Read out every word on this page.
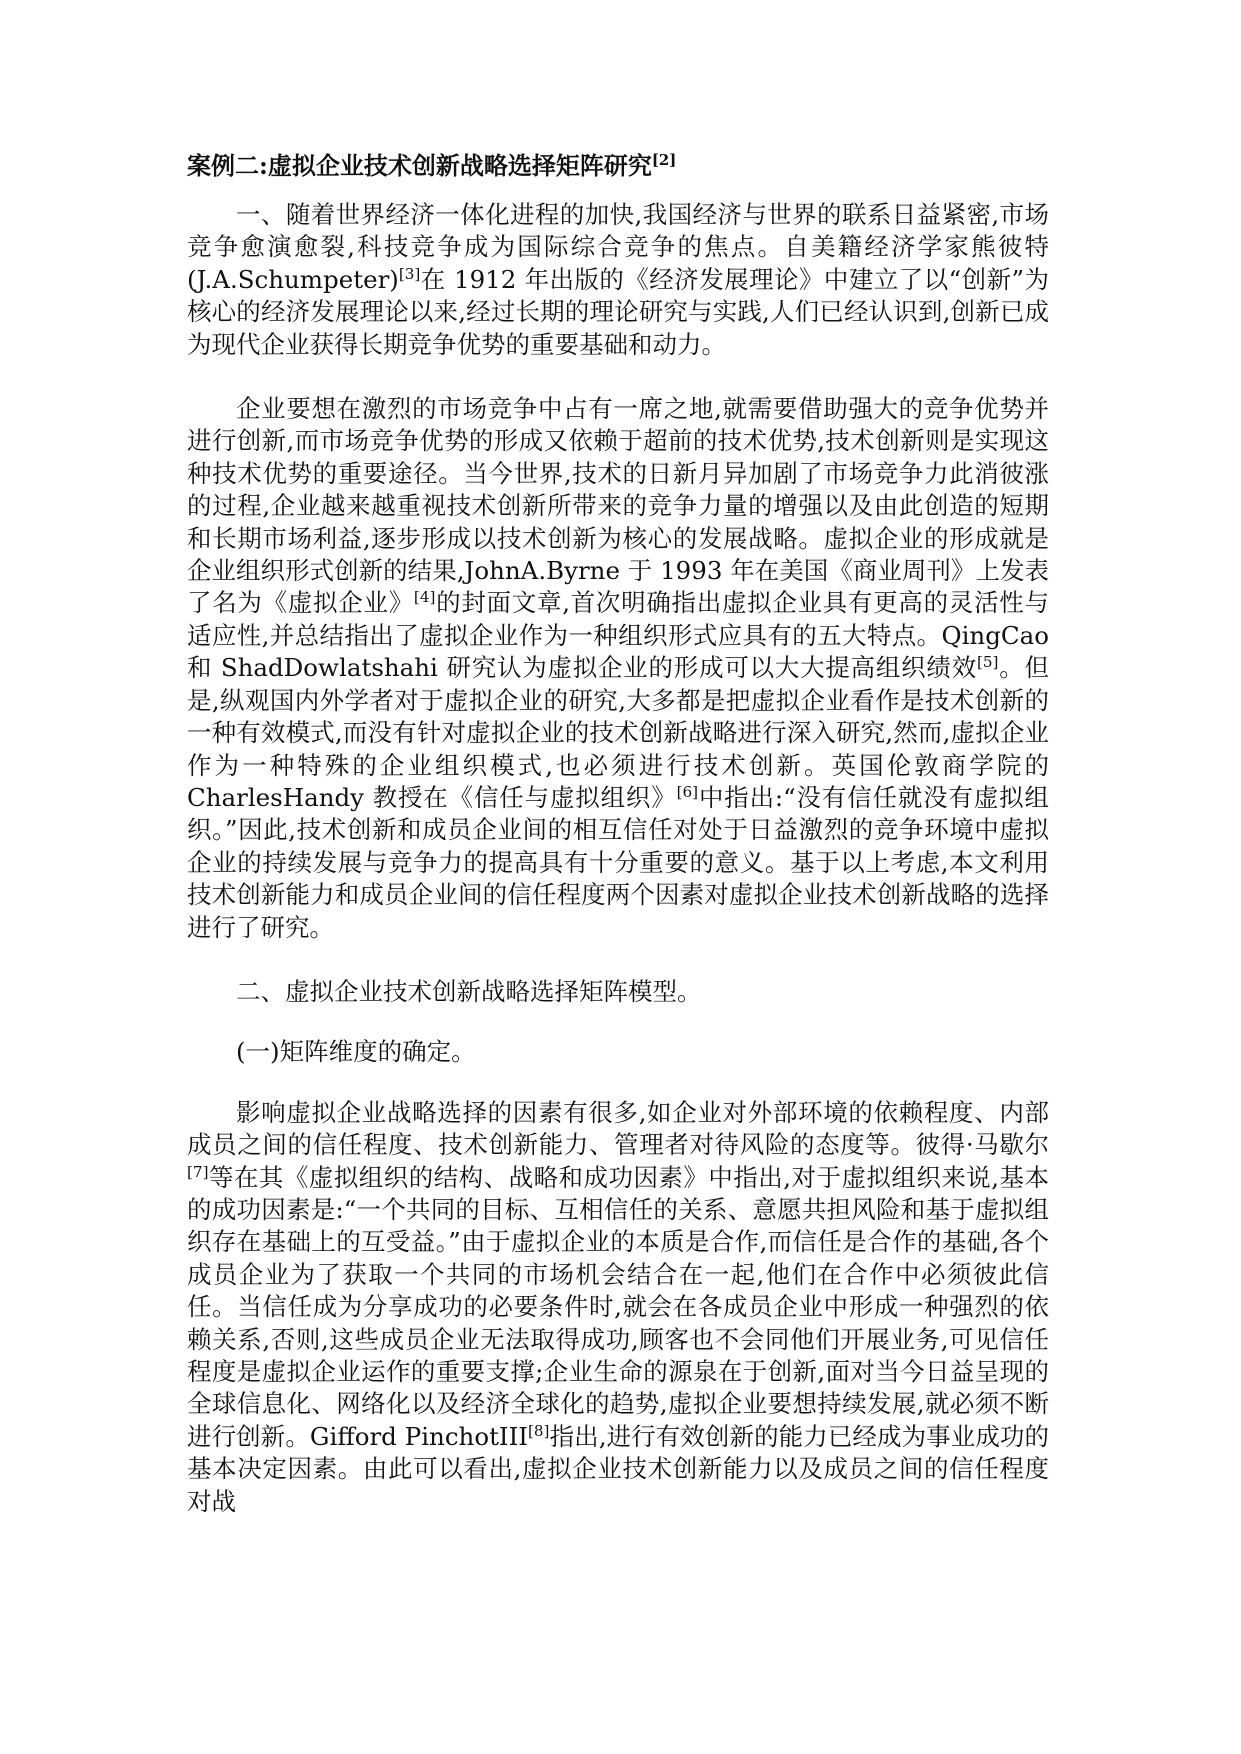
案例二:虚拟企业技术创新战略选择矩阵研究[2]
一、随着世界经济一体化进程的加快,我国经济与世界的联系日益紧密,市场竞争愈演愈裂,科技竞争成为国际综合竞争的焦点。自美籍经济学家熊彼特(J.A.Schumpeter)[3]在 1912 年出版的《经济发展理论》中建立了以“创新”为核心的经济发展理论以来,经过长期的理论研究与实践,人们已经认识到,创新已成为现代企业获得长期竞争优势的重要基础和动力。
企业要想在激烈的市场竞争中占有一席之地,就需要借助强大的竞争优势并进行创新,而市场竞争优势的形成又依赖于超前的技术优势,技术创新则是实现这种技术优势的重要途径。当今世界,技术的日新月异加剧了市场竞争力此消彼涨的过程,企业越来越重视技术创新所带来的竞争力量的增强以及由此创造的短期和长期市场利益,逐步形成以技术创新为核心的发展战略。虚拟企业的形成就是企业组织形式创新的结果,JohnA.Byrne 于 1993 年在美国《商业周刊》上发表了名为《虚拟企业》[4]的封面文章,首次明确指出虚拟企业具有更高的灵活性与适应性,并总结指出了虚拟企业作为一种组织形式应具有的五大特点。QingCao 和 ShadDowlatshahi 研究认为虚拟企业的形成可以大大提高组织绩效[5]。但是,纵观国内外学者对于虚拟企业的研究,大多都是把虚拟企业看作是技术创新的一种有效模式,而没有针对虚拟企业的技术创新战略进行深入研究,然而,虚拟企业作为一种特殊的企业组织模式,也必须进行技术创新。英国伦敦商学院的 CharlesHandy 教授在《信任与虚拟组织》[6]中指出:“没有信任就没有虚拟组织。”因此,技术创新和成员企业间的相互信任对处于日益激烈的竞争环境中虚拟企业的持续发展与竞争力的提高具有十分重要的意义。基于以上考虑,本文利用技术创新能力和成员企业间的信任程度两个因素对虚拟企业技术创新战略的选择进行了研究。
二、虚拟企业技术创新战略选择矩阵模型。
(一)矩阵维度的确定。
影响虚拟企业战略选择的因素有很多,如企业对外部环境的依赖程度、内部成员之间的信任程度、技术创新能力、管理者对待风险的态度等。彼得·马歇尔[7]等在其《虚拟组织的结构、战略和成功因素》中指出,对于虚拟组织来说,基本的成功因素是:“一个共同的目标、互相信任的关系、意愿共担风险和基于虚拟组织存在基础上的互受益。”由于虚拟企业的本质是合作,而信任是合作的基础,各个成员企业为了获取一个共同的市场机会结合在一起,他们在合作中必须彼此信任。当信任成为分享成功的必要条件时,就会在各成员企业中形成一种强烈的依赖关系,否则,这些成员企业无法取得成功,顾客也不会同他们开展业务,可见信任程度是虚拟企业运作的重要支撑;企业生命的源泉在于创新,面对当今日益呈现的全球信息化、网络化以及经济全球化的趋势,虚拟企业要想持续发展,就必须不断进行创新。Gifford PinchotIII[8]指出,进行有效创新的能力已经成为事业成功的基本决定因素。由此可以看出,虚拟企业技术创新能力以及成员之间的信任程度对战
